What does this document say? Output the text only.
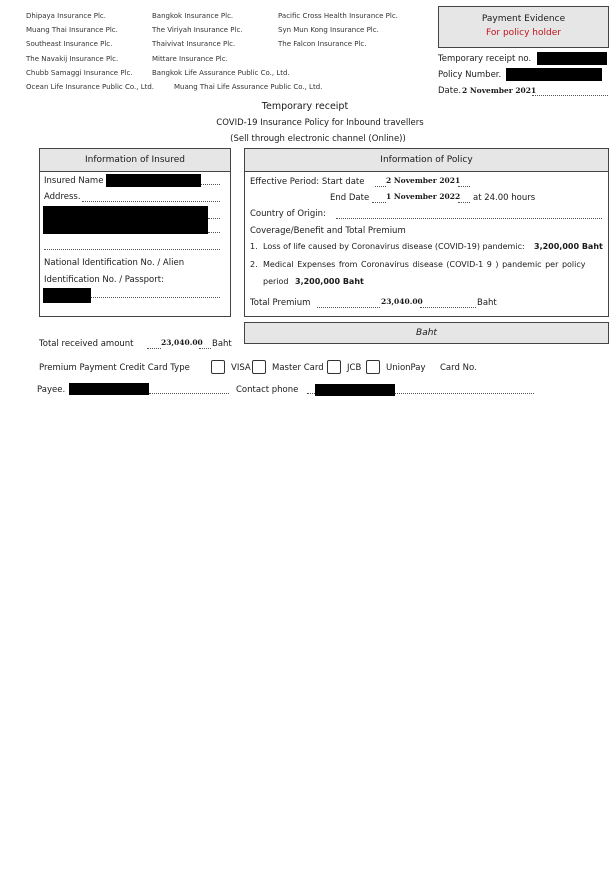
Dhipaya Insurance Plc.
Muang Thai Insurance Plc.
Southeast Insurance Plc.
The Navakij Insurance Plc.
Chubb Samaggi Insurance Plc.
Ocean Life Insurance Public Co., Ltd.
Bangkok Insurance Plc.
The Viriyah Insurance Plc.
Thaivivat Insurance Plc.
Mittare Insurance Plc.
Bangkok Life Assurance Public Co., Ltd.
Muang Thai Life Assurance Public Co., Ltd.
Pacific Cross Health Insurance Plc.
Syn Mun Kong Insurance Plc.
The Falcon Insurance Plc.
Payment Evidence
For policy holder
Temporary receipt no.
Policy Number.
Date. 2 November 2021
Temporary receipt
COVID-19 Insurance Policy for Inbound travellers
(Sell through electronic channel (Online))
Information of Insured
Insured Name
Address.
National Identification No. / Alien
Identification No. / Passport:
Information of Policy
Effective Period: Start date	2 November 2021
End Date 1 November 2022 at 24.00 hours
Country of Origin:
Coverage/Benefit and Total Premium
1. Loss of life caused by Coronavirus disease (COVID-19) pandemic: 3,200,000 Baht
2. Medical Expenses from Coronavirus disease (COVID-1 9 ) pandemic per policy
period 3,200,000 Baht
Total Premium	23,040.00	Baht
Baht
Total received amount	23,040.00 Baht
Premium Payment Credit Card Type	VISA	Master Card	JCB	UnionPay Card No.
Payee.	Contact phone
